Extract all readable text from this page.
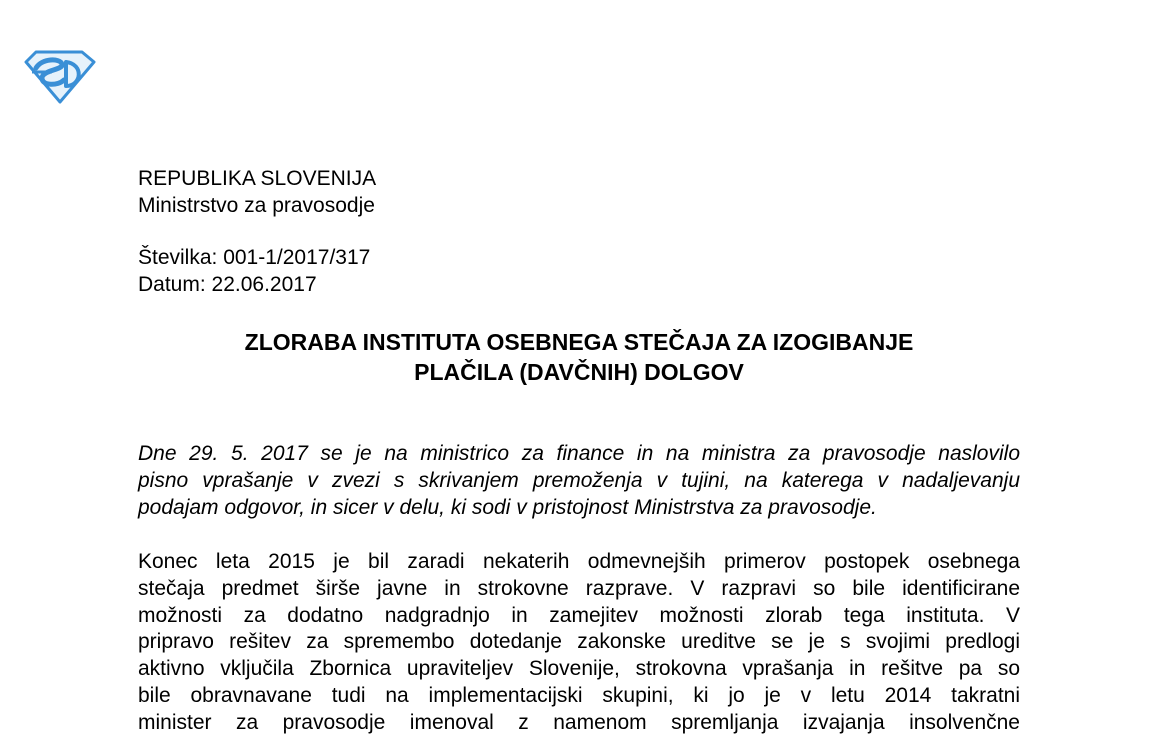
REPUBLIKA SLOVENIJA
Ministrstvo za pravosodje
Številka: 001-1/2017/317
Datum: 22.06.2017
ZLORABA INSTITUTA OSEBNEGA STEČAJA ZA IZOGIBANJE
PLAČILA (DAVČNIH) DOLGOV
Dne 29. 5. 2017 se je na ministrico za finance in na ministra za pravosodje naslovilo
pisno vprašanje v zvezi s skrivanjem premoženja v tujini, na katerega v nadaljevanju
podajam odgovor, in sicer v delu, ki sodi v pristojnost Ministrstva za pravosodje.
Konec leta 2015 je bil zaradi nekaterih odmevnejših primerov postopek osebnega
stečaja predmet širše javne in strokovne razprave. V razpravi so bile identificirane
možnosti za dodatno nadgradnjo in zamejitev možnosti zlorab tega instituta. V
pripravo rešitev za spremembo dotedanje zakonske ureditve se je s svojimi predlogi
aktivno vključila Zbornica upraviteljev Slovenije, strokovna vprašanja in rešitve pa so
bile obravnavane tudi na implementacijski skupini, ki jo je v letu 2014 takratni
minister za pravosodje imenoval z namenom spremljanja izvajanja insolvenčne
